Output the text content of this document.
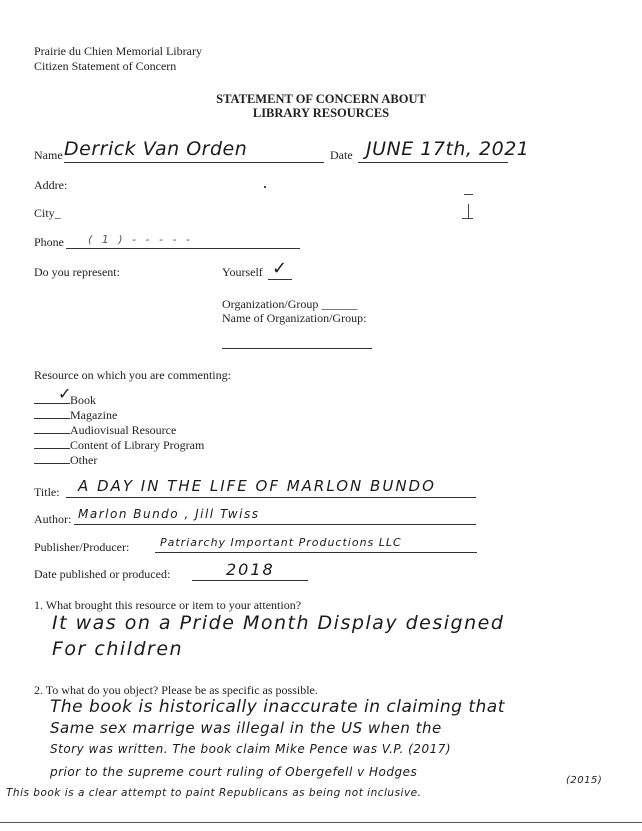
Prairie du Chien Memorial Library
Citizen Statement of Concern
STATEMENT OF CONCERN ABOUT
LIBRARY RESOURCES
Name Derrick Van Orden	Date JUNE 17th, 2021
Addre:
City_
Phone ( 1 ) - - - - -
Do you represent:	Yourself ✓
Organization/Group ______
Name of Organization/Group:
Resource on which you are commenting:
✓
Book
Magazine
Audiovisual Resource
Content of Library Program
Other
Title: A DAY IN THE LIFE OF MARLON BUNDO
Author: Marlon Bundo , Jill Twiss
Publisher/Producer:	Patriarchy Important Productions LLC
Date published or produced:	2018
1. What brought this resource or item to your attention?
It was on a Pride Month Display designed
For children
2. To what do you object? Please be as specific as possible.
The book is historically inaccurate in claiming that
Same sex marrige was illegal in the US when the
Story was written. The book claim Mike Pence was V.P. (2017)
prior to the supreme court ruling of Obergefell v Hodges
(2015)
This book is a clear attempt to paint Republicans as being not inclusive.
